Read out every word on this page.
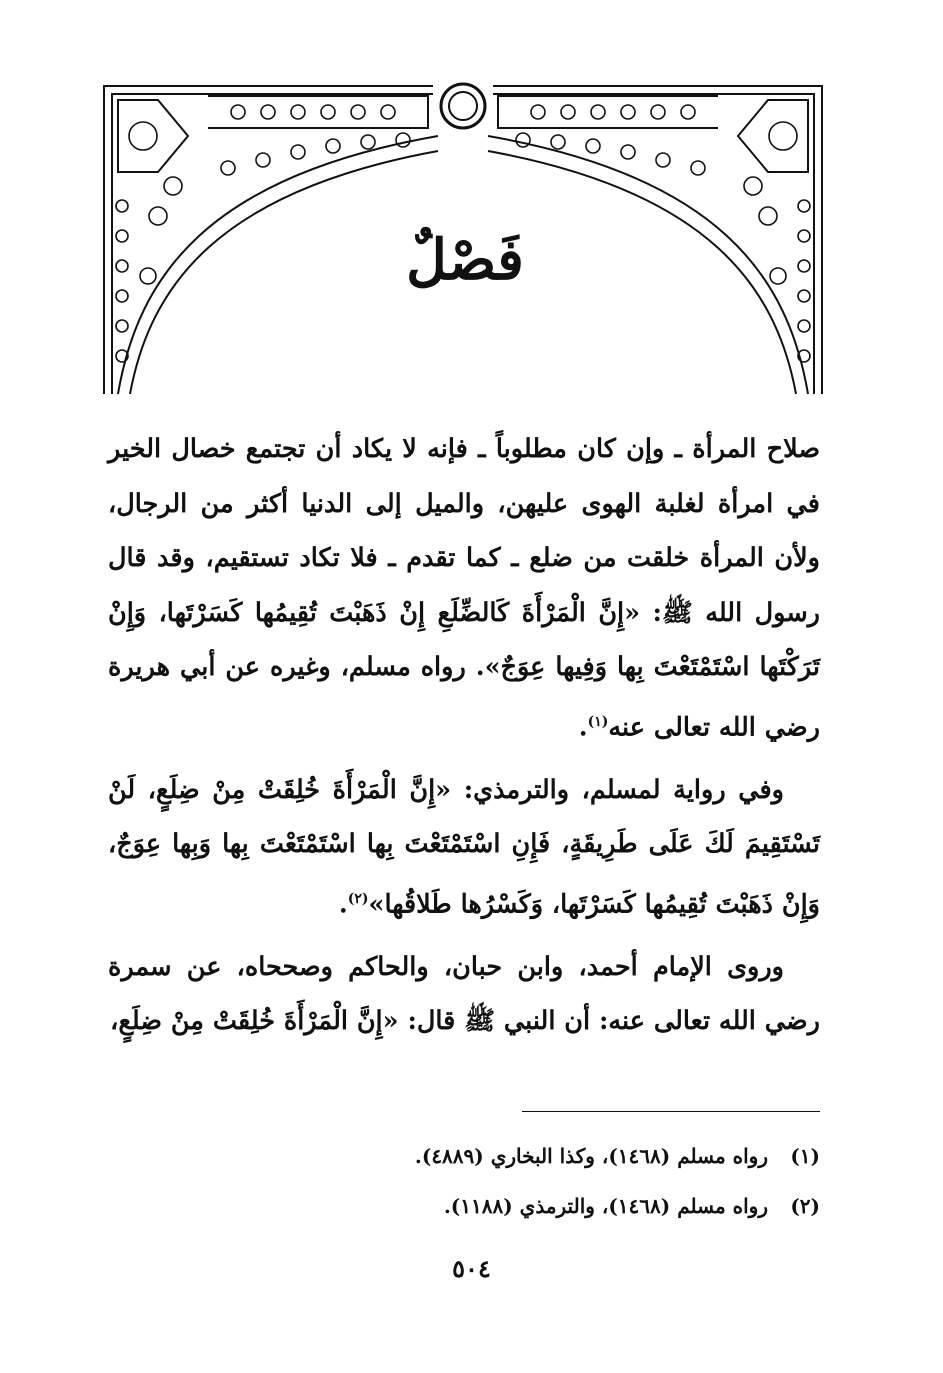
فَصْلٌ

صلاح المرأة ـ وإن كان مطلوباً ـ فإنه لا يكاد أن تجتمع خصال الخير في امرأة لغلبة الهوى عليهن، والميل إلى الدنيا أكثر من الرجال، ولأن المرأة خلقت من ضلع ـ كما تقدم ـ فلا تكاد تستقيم، وقد قال رسول الله ﷺ: «إِنَّ الْمَرْأَةَ كَالضِّلَعِ إِنْ ذَهَبْتَ تُقِيمُها كَسَرْتَها، وَإِنْ تَرَكْتَها اسْتَمْتَعْتَ بِها وَفِيها عِوَجٌ». رواه مسلم، وغيره عن أبي هريرة رضي الله تعالى عنه$^{(١)}$.

وفي رواية لمسلم، والترمذي: «إِنَّ الْمَرْأَةَ خُلِقَتْ مِنْ ضِلَعٍ، لَنْ تَسْتَقِيمَ لَكَ عَلَى طَرِيقَةٍ، فَإِنِ اسْتَمْتَعْتَ بِها اسْتَمْتَعْتَ بِها وَبِها عِوَجٌ، وَإِنْ ذَهَبْتَ تُقِيمُها كَسَرْتَها، وَكَسْرُها طَلاقُها»$^{(٢)}$.

وروى الإمام أحمد، وابن حبان، والحاكم وصححاه، عن سمرة رضي الله تعالى عنه: أن النبي ﷺ قال: «إِنَّ الْمَرْأَةَ خُلِقَتْ مِنْ ضِلَعٍ،

(١)
رواه مسلم (١٤٦٨)، وكذا البخاري (٤٨٨٩).
(٢)
رواه مسلم (١٤٦٨)، والترمذي (١١٨٨).
٥٠٤
